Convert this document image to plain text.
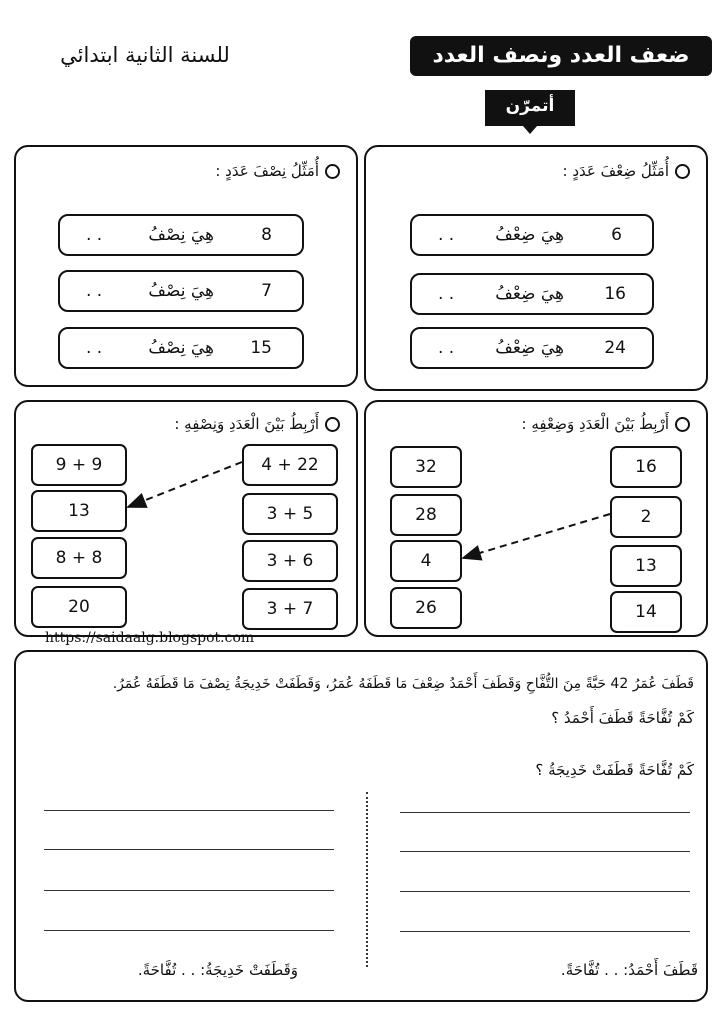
ضعف العدد ونصف العدد
للسنة الثانية ابتدائي
أتمرّن
أُمَثِّلُ ضِعْفَ عَدَدٍ :
6
هِيَ ضِعْفُ
. .
16
هِيَ ضِعْفُ
. .
24
هِيَ ضِعْفُ
. .
أُمَثِّلُ نِصْفَ عَدَدٍ :
8
هِيَ نِصْفُ
. .
7
هِيَ نِصْفُ
. .
15
هِيَ نِصْفُ
. .
أَرْبِطُ بَيْنَ الْعَدَدِ وَضِعْفِهِ :
16
2
13
14
32
28
4
26
أَرْبِطُ بَيْنَ الْعَدَدِ وَنِصْفِهِ :
4 + 22
3 + 5
3 + 6
3 + 7
9 + 9
13
8 + 8
20
https://saidaalg.blogspot.com
قَطَفَ عُمَرُ 42 حَبَّةً مِنَ التُّفَّاحِ وَقَطَفَ أَحْمَدُ ضِعْفَ مَا قَطَفَهُ عُمَرُ، وَقَطَفَتْ خَدِيجَةُ نِصْفَ مَا قَطَفَهُ عُمَرُ.
كَمْ تُفَّاحَةً قَطَفَ أَحْمَدُ ؟
كَمْ تُفَّاحَةً قَطَفَتْ خَدِيجَةُ ؟
قَطَفَ أَحْمَدُ: . . تُفَّاحَةً.
وَقَطَفَتْ خَدِيجَةُ: . . تُفَّاحَةً.
